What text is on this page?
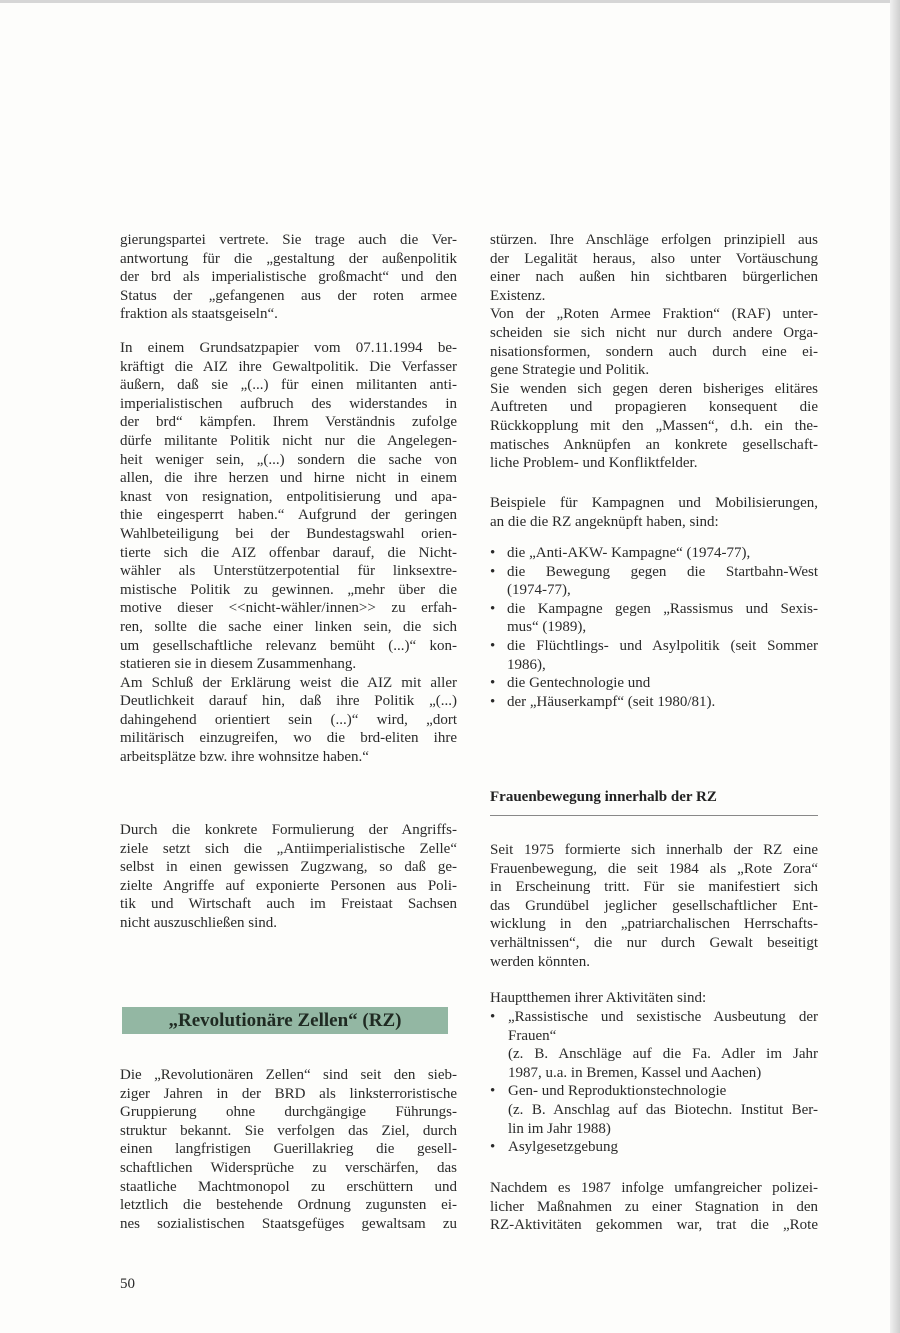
gierungspartei vertrete. Sie trage auch die Ver-
antwortung für die „gestaltung der außenpolitik
der brd als imperialistische großmacht“ und den
Status der „gefangenen aus der roten armee
fraktion als staatsgeiseln“.
In einem Grundsatzpapier vom 07.11.1994 be-
kräftigt die AIZ ihre Gewaltpolitik. Die Verfasser
äußern, daß sie „(...) für einen militanten anti-
imperialistischen aufbruch des widerstandes in
der brd“ kämpfen. Ihrem Verständnis zufolge
dürfe militante Politik nicht nur die Angelegen-
heit weniger sein, „(...) sondern die sache von
allen, die ihre herzen und hirne nicht in einem
knast von resignation, entpolitisierung und apa-
thie eingesperrt haben.“ Aufgrund der geringen
Wahlbeteiligung bei der Bundestagswahl orien-
tierte sich die AIZ offenbar darauf, die Nicht-
wähler als Unterstützerpotential für linksextre-
mistische Politik zu gewinnen. „mehr über die
motive dieser <<nicht-wähler/innen>> zu erfah-
ren, sollte die sache einer linken sein, die sich
um gesellschaftliche relevanz bemüht (...)“ kon-
statieren sie in diesem Zusammenhang.
Am Schluß der Erklärung weist die AIZ mit aller
Deutlichkeit darauf hin, daß ihre Politik „(...)
dahingehend orientiert sein (...)“ wird, „dort
militärisch einzugreifen, wo die brd-eliten ihre
arbeitsplätze bzw. ihre wohnsitze haben.“
Durch die konkrete Formulierung der Angriffs-
ziele setzt sich die „Antiimperialistische Zelle“
selbst in einen gewissen Zugzwang, so daß ge-
zielte Angriffe auf exponierte Personen aus Poli-
tik und Wirtschaft auch im Freistaat Sachsen
nicht auszuschließen sind.
„Revolutionäre Zellen“ (RZ)
Die „Revolutionären Zellen“ sind seit den sieb-
ziger Jahren in der BRD als linksterroristische
Gruppierung ohne durchgängige Führungs-
struktur bekannt. Sie verfolgen das Ziel, durch
einen langfristigen Guerillakrieg die gesell-
schaftlichen Widersprüche zu verschärfen, das
staatliche Machtmonopol zu erschüttern und
letztlich die bestehende Ordnung zugunsten ei-
nes sozialistischen Staatsgefüges gewaltsam zu
stürzen. Ihre Anschläge erfolgen prinzipiell aus
der Legalität heraus, also unter Vortäuschung
einer nach außen hin sichtbaren bürgerlichen
Existenz.
Von der „Roten Armee Fraktion“ (RAF) unter-
scheiden sie sich nicht nur durch andere Orga-
nisationsformen, sondern auch durch eine ei-
gene Strategie und Politik.
Sie wenden sich gegen deren bisheriges elitäres
Auftreten und propagieren konsequent die
Rückkopplung mit den „Massen“, d.h. ein the-
matisches Anknüpfen an konkrete gesellschaft-
liche Problem- und Konfliktfelder.
Beispiele für Kampagnen und Mobilisierungen,
an die die RZ angeknüpft haben, sind:
• die „Anti-AKW- Kampagne“ (1974-77),
• die Bewegung gegen die Startbahn-West
(1974-77),
• die Kampagne gegen „Rassismus und Sexis-
mus“ (1989),
• die Flüchtlings- und Asylpolitik (seit Sommer
1986),
• die Gentechnologie und
• der „Häuserkampf“ (seit 1980/81).
Frauenbewegung innerhalb der RZ
Seit 1975 formierte sich innerhalb der RZ eine
Frauenbewegung, die seit 1984 als „Rote Zora“
in Erscheinung tritt. Für sie manifestiert sich
das Grundübel jeglicher gesellschaftlicher Ent-
wicklung in den „patriarchalischen Herrschafts-
verhältnissen“, die nur durch Gewalt beseitigt
werden könnten.
Hauptthemen ihrer Aktivitäten sind:
• „Rassistische und sexistische Ausbeutung der
Frauen“
(z. B. Anschläge auf die Fa. Adler im Jahr
1987, u.a. in Bremen, Kassel und Aachen)
• Gen- und Reproduktionstechnologie
(z. B. Anschlag auf das Biotechn. Institut Ber-
lin im Jahr 1988)
• Asylgesetzgebung
Nachdem es 1987 infolge umfangreicher polizei-
licher Maßnahmen zu einer Stagnation in den
RZ-Aktivitäten gekommen war, trat die „Rote
50
